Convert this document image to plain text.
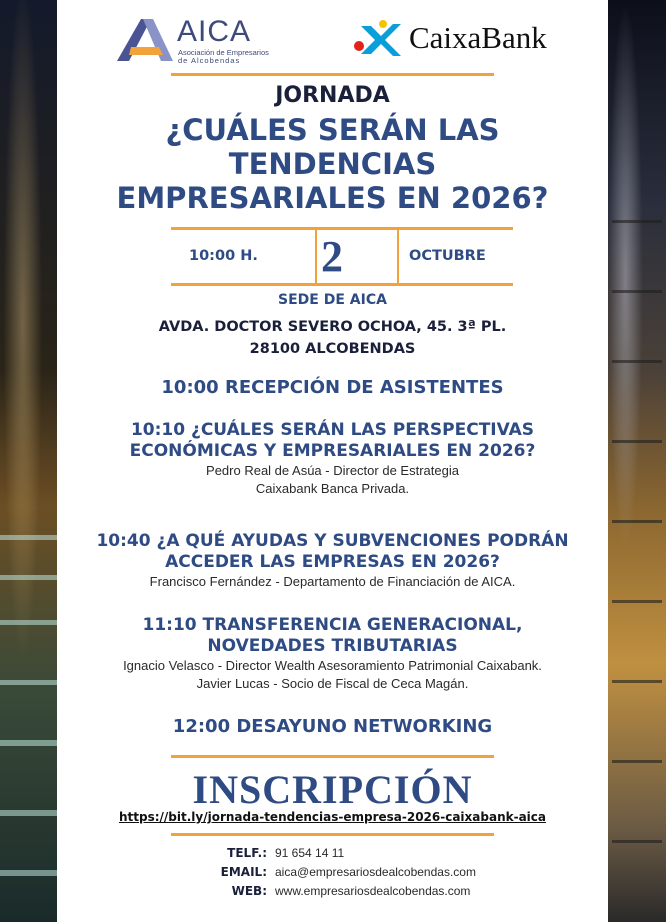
AICA
Asociación de Empresarios
de Alcobendas
CaixaBank
JORNADA
¿CUÁLES SERÁN LAS
TENDENCIAS
EMPRESARIALES EN 2026?
10:00 H. 2	OCTUBRE
SEDE DE AICA
AVDA. DOCTOR SEVERO OCHOA, 45. 3ª PL.
28100 ALCOBENDAS
10:00 RECEPCIÓN DE ASISTENTES
10:10 ¿CUÁLES SERÁN LAS PERSPECTIVAS
ECONÓMICAS Y EMPRESARIALES EN 2026?
Pedro Real de Asúa - Director de Estrategia
Caixabank Banca Privada.
10:40 ¿A QUÉ AYUDAS Y SUBVENCIONES PODRÁN
ACCEDER LAS EMPRESAS EN 2026?
Francisco Fernández - Departamento de Financiación de AICA.
11:10 TRANSFERENCIA GENERACIONAL,
NOVEDADES TRIBUTARIAS
Ignacio Velasco - Director Wealth Asesoramiento Patrimonial Caixabank.
Javier Lucas - Socio de Fiscal de Ceca Magán.
12:00 DESAYUNO NETWORKING
INSCRIPCIÓN
https://bit.ly/jornada-tendencias-empresa-2026-caixabank-aica
TELF.: 91 654 14 11
EMAIL: aica@empresariosdealcobendas.com
WEB: www.empresariosdealcobendas.com
